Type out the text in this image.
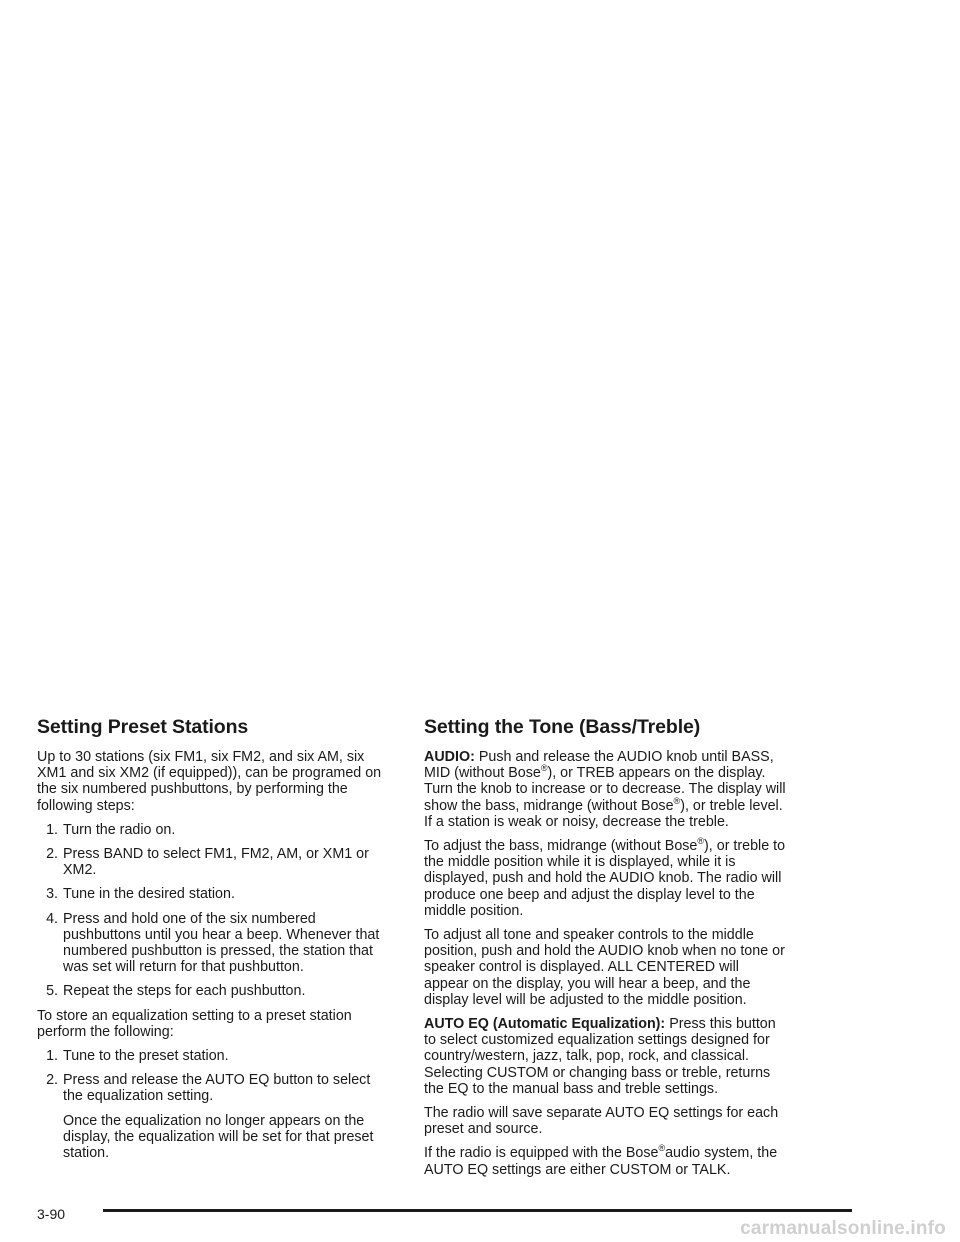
Setting Preset Stations

Up to 30 stations (six FM1, six FM2, and six AM, six XM1 and six XM2 (if equipped)), can be programed on the six numbered pushbuttons, by performing the following steps:

1. Turn the radio on.
2. Press BAND to select FM1, FM2, AM, or XM1 or XM2.
3. Tune in the desired station.
4. Press and hold one of the six numbered pushbuttons until you hear a beep. Whenever that numbered pushbutton is pressed, the station that was set will return for that pushbutton.
5. Repeat the steps for each pushbutton.

To store an equalization setting to a preset station perform the following:

1. Tune to the preset station.
2. Press and release the AUTO EQ button to select the equalization setting.

Once the equalization no longer appears on the display, the equalization will be set for that preset station.

Setting the Tone (Bass/Treble)

AUDIO: Push and release the AUDIO knob until BASS, MID (without Bose®), or TREB appears on the display. Turn the knob to increase or to decrease. The display will show the bass, midrange (without Bose®), or treble level. If a station is weak or noisy, decrease the treble.

To adjust the bass, midrange (without Bose®), or treble to the middle position while it is displayed, while it is displayed, push and hold the AUDIO knob. The radio will produce one beep and adjust the display level to the middle position.

To adjust all tone and speaker controls to the middle position, push and hold the AUDIO knob when no tone or speaker control is displayed. ALL CENTERED will appear on the display, you will hear a beep, and the display level will be adjusted to the middle position.

AUTO EQ (Automatic Equalization): Press this button to select customized equalization settings designed for country/western, jazz, talk, pop, rock, and classical. Selecting CUSTOM or changing bass or treble, returns the EQ to the manual bass and treble settings.

The radio will save separate AUTO EQ settings for each preset and source.

If the radio is equipped with the Bose®audio system, the AUTO EQ settings are either CUSTOM or TALK.

3-90
carmanualsonline.info
